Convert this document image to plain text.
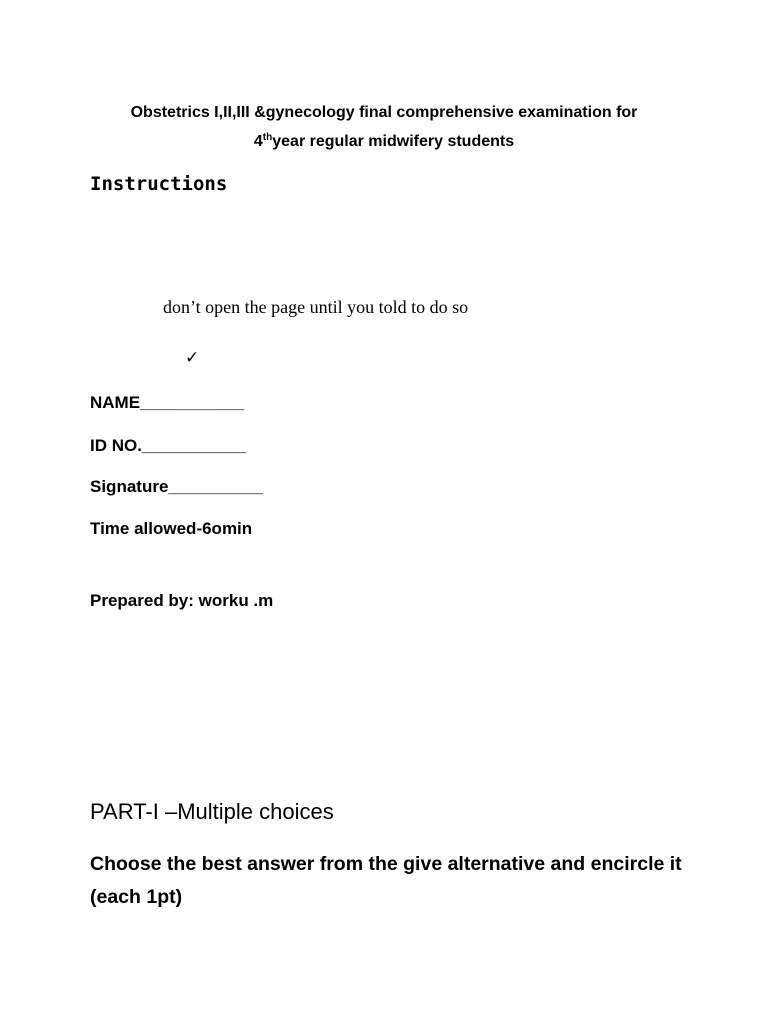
Obstetrics I,II,III &gynecology final comprehensive examination for
4thyear regular midwifery students
Instructions
don’t open the page until you told to do so
✓
NAME___________
ID NO.___________
Signature__________
Time allowed-6omin
Prepared by: worku .m
PART-I –Multiple choices
Choose the best answer from the give alternative and encircle it (each 1pt)
